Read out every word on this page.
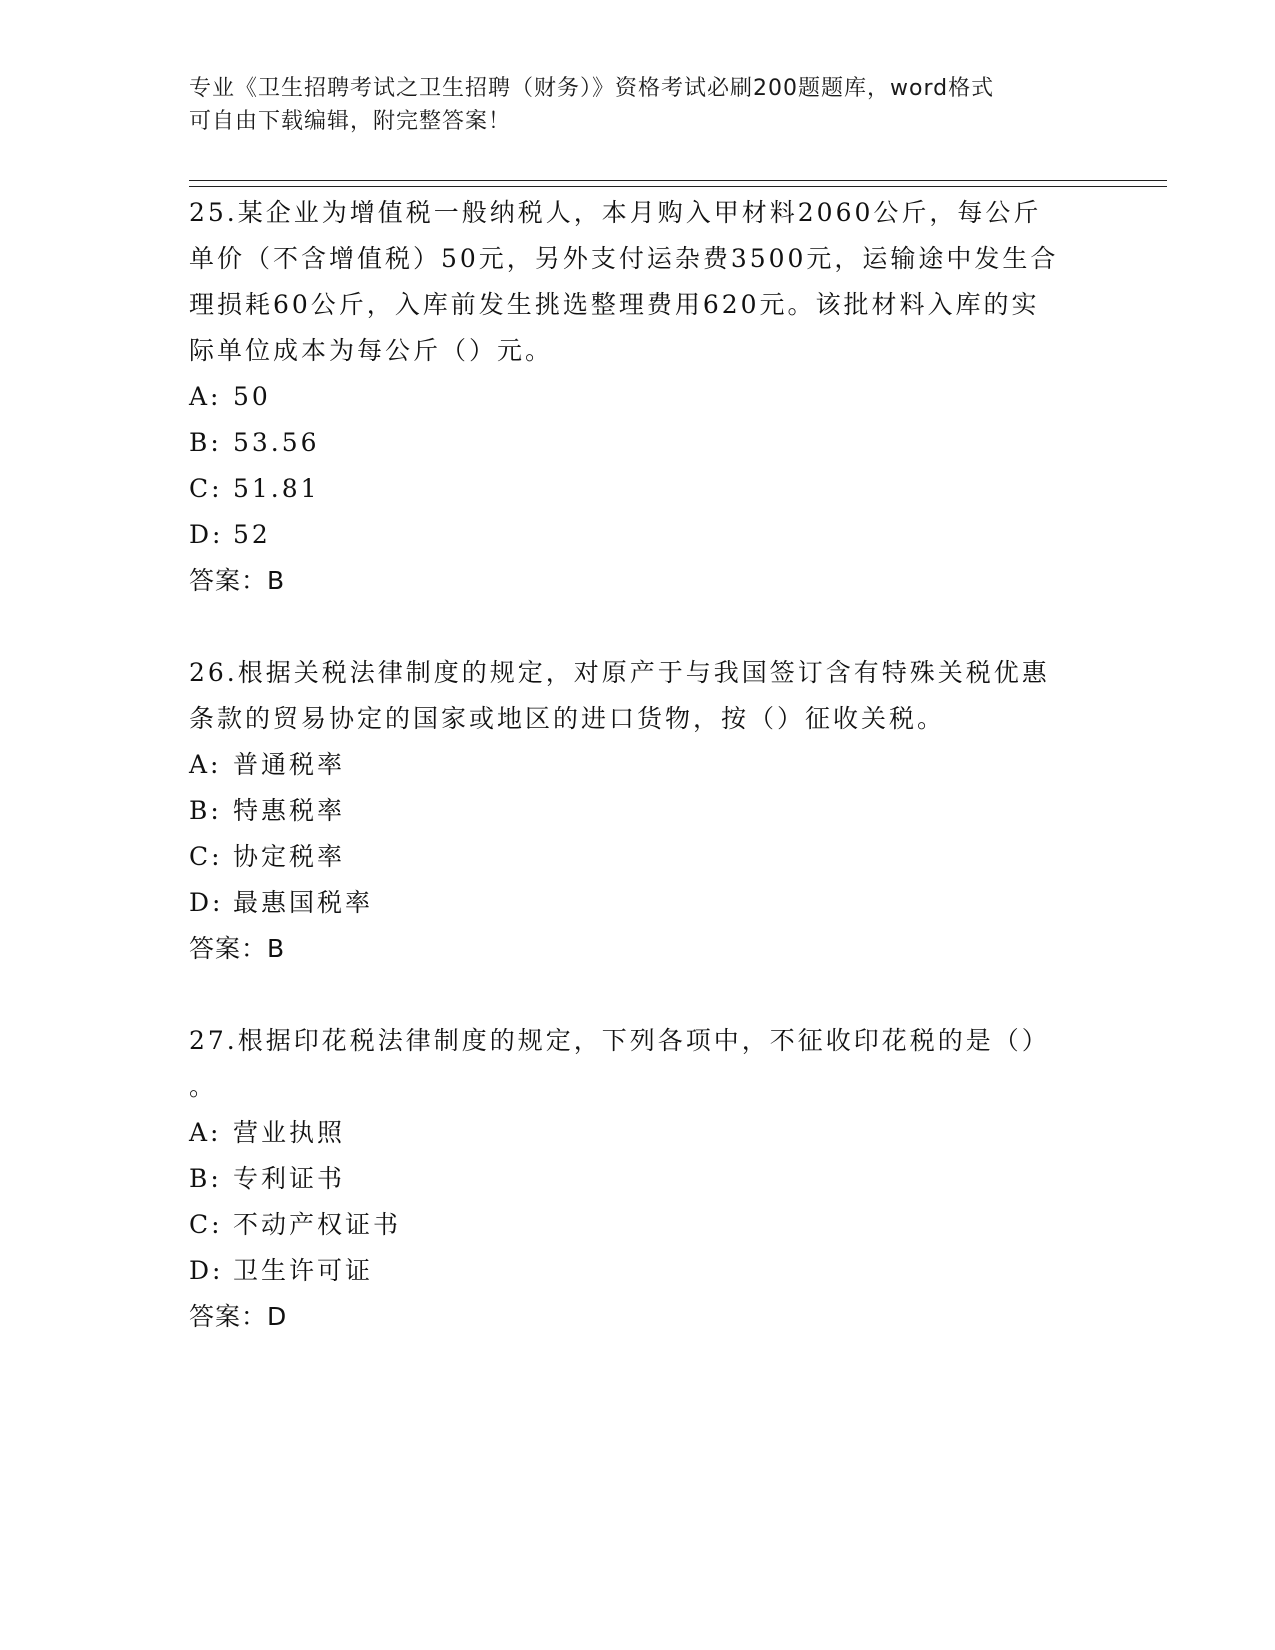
专业《卫生招聘考试之卫生招聘（财务）》资格考试必刷200题题库，word格式
可自由下载编辑，附完整答案！

25.某企业为增值税一般纳税人，本月购入甲材料2060公斤，每公斤

单价（不含增值税）50元，另外支付运杂费3500元，运输途中发生合

理损耗60公斤，入库前发生挑选整理费用620元。该批材料入库的实

际单位成本为每公斤（）元。

A: 50

B: 53.56

C: 51.81

D: 52

答案：B

26.根据关税法律制度的规定，对原产于与我国签订含有特殊关税优惠

条款的贸易协定的国家或地区的进口货物，按（）征收关税。

A: 普通税率

B: 特惠税率

C: 协定税率

D: 最惠国税率

答案：B

27.根据印花税法律制度的规定，下列各项中，不征收印花税的是（）

。

A: 营业执照

B: 专利证书

C: 不动产权证书

D: 卫生许可证

答案：D
